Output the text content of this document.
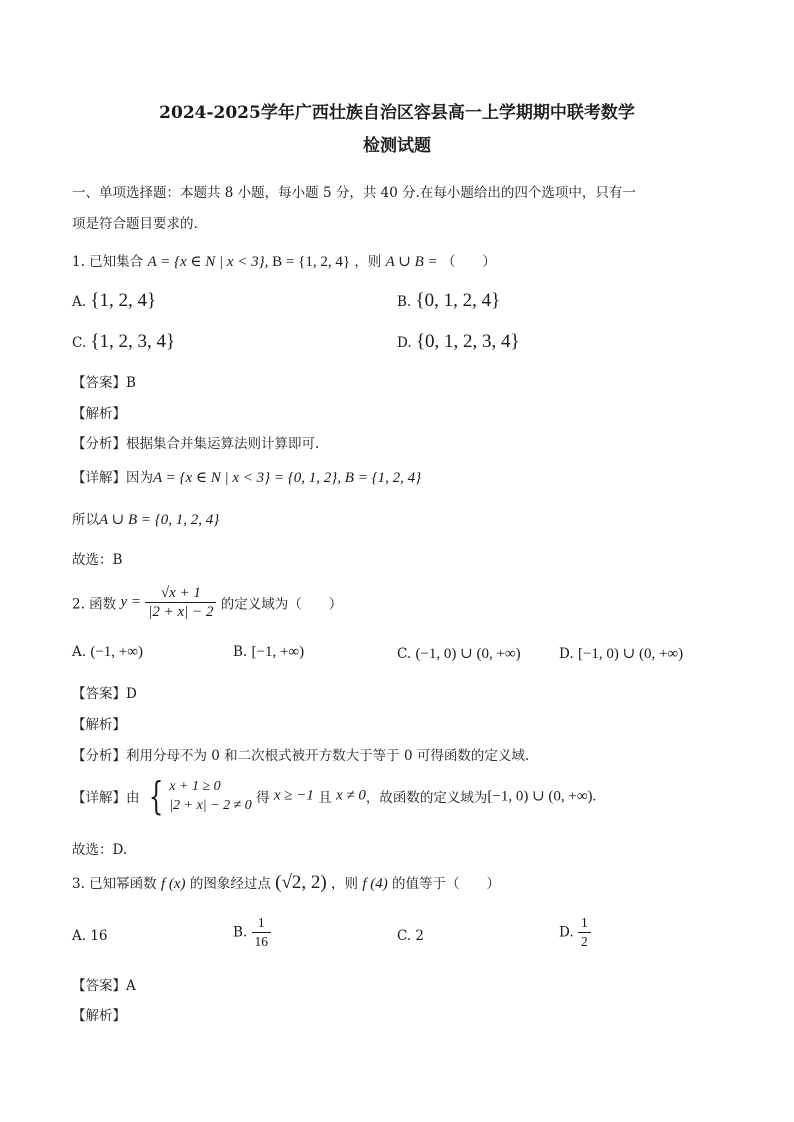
2024-2025学年广西壮族自治区容县高一上学期期中联考数学
检测试题
一、单项选择题：本题共 8 小题，每小题 5 分，共 40 分.在每小题给出的四个选项中，只有一
项是符合题目要求的.
1. 已知集合 A = {x ∈ N | x < 3}, B = {1, 2, 4} ，则 A ∪ B = （　　）
A. {1, 2, 4}	B. {0, 1, 2, 4}
C. {1, 2, 3, 4}	D. {0, 1, 2, 3, 4}
【答案】B
【解析】
【分析】根据集合并集运算法则计算即可.
【详解】因为A = {x ∈ N | x < 3} = {0, 1, 2}, B = {1, 2, 4}
所以A ∪ B = {0, 1, 2, 4}
故选：B
2. 函数 $y = \frac{√x + 1}{|2 + x| - 2}$ 的定义域为（　　）
A. (−1, +∞)	B. [−1, +∞)	C. (−1, 0) ∪ (0, +∞)	D. [−1, 0) ∪ (0, +∞)
【答案】D
【解析】
【分析】利用分母不为 0 和二次根式被开方数大于等于 0 可得函数的定义域.
【详解】由 { x + 1 ≥ 0
|2 + x| − 2 ≠ 0 得 x ≥ −1 且 x ≠ 0，故函数的定义域为[−1, 0) ∪ (0, +∞).
故选：D.
3. 已知幂函数 f (x) 的图象经过点 (√2, 2) ，则 f (4) 的值等于（　　）
A. 16	B. $\frac{1}{16}$	C. 2	D. $\frac{1}{2}$
【答案】A
【解析】
